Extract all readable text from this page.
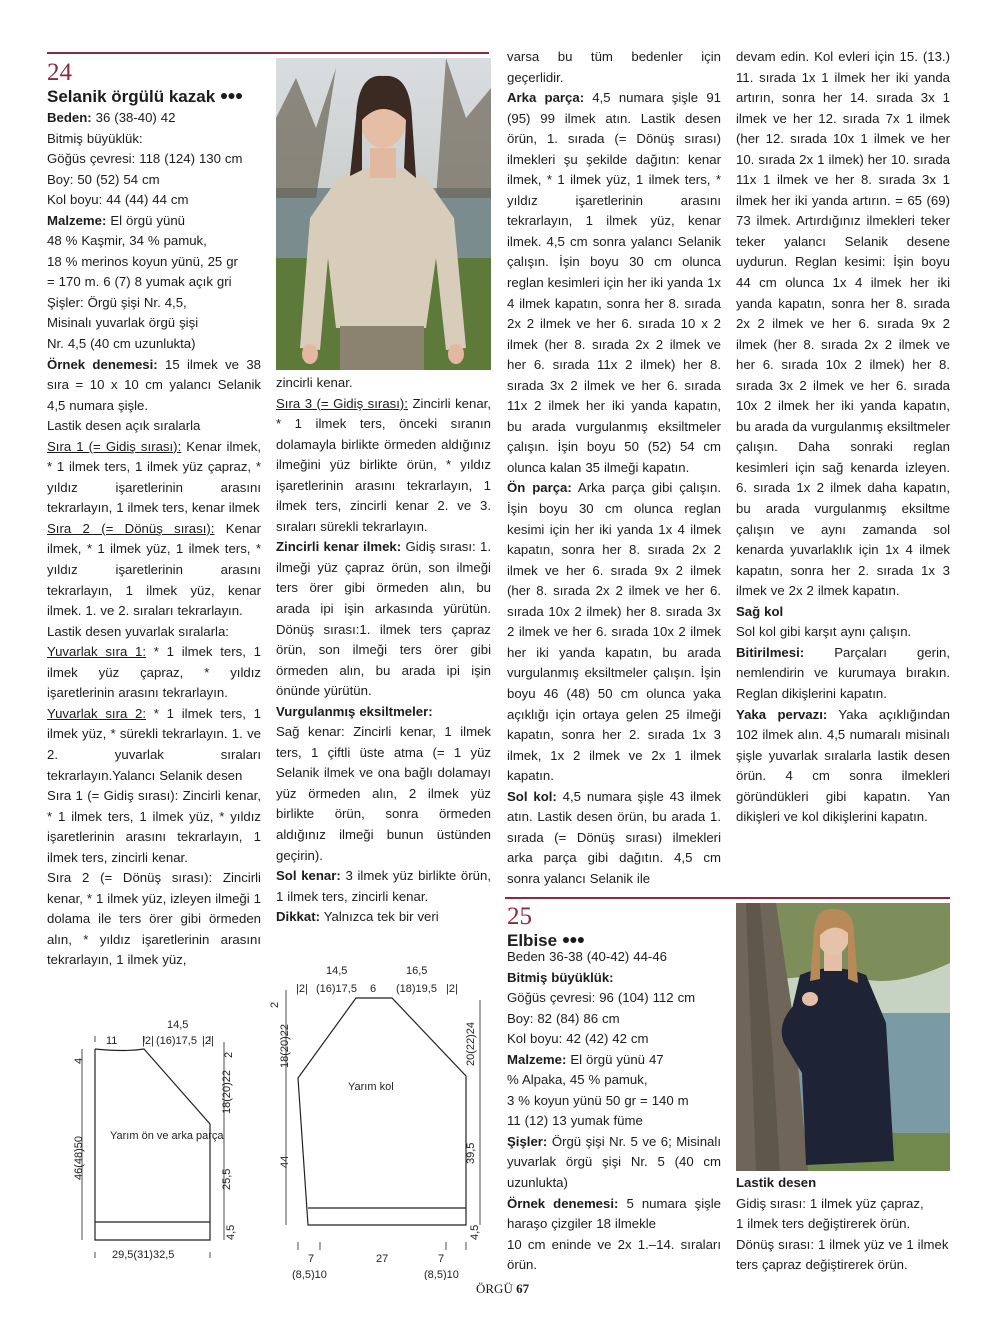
24
Selanik örgülü kazak ●●●

Beden: 36 (38-40) 42

Bitmiş büyüklük:

Göğüs çevresi: 118 (124) 130 cm

Boy: 50 (52) 54 cm

Kol boyu: 44 (44) 44 cm

Malzeme: El örgü yünü

48 % Kaşmir, 34 % pamuk,

18 % merinos koyun yünü, 25 gr

= 170 m. 6 (7) 8 yumak açık gri

Şişler: Örgü şişi Nr. 4,5,

Misinalı yuvarlak örgü şişi

Nr. 4,5 (40 cm uzunlukta)

Örnek denemesi: 15 ilmek ve 38 sıra = 10 x 10 cm yalancı Selanik 4,5 numara şişle.

Lastik desen açık sıralarla

Sıra 1 (= Gidiş sırası): Kenar ilmek, * 1 ilmek ters, 1 ilmek yüz çapraz, * yıldız işaretlerinin arasını tekrarlayın, 1 ilmek ters, kenar ilmek

Sıra 2 (= Dönüş sırası): Kenar ilmek, * 1 ilmek yüz, 1 ilmek ters, * yıldız işaretlerinin arasını tekrarlayın, 1 ilmek yüz, kenar ilmek. 1. ve 2. sıraları tekrarlayın.

Lastik desen yuvarlak sıralarla:

Yuvarlak sıra 1: * 1 ilmek ters, 1 ilmek yüz çapraz, * yıldız işaretlerinin arasını tekrarlayın.

Yuvarlak sıra 2: * 1 ilmek ters, 1 ilmek yüz, * sürekli tekrarlayın. 1. ve 2. yuvarlak sıraları tekrarlayın.Yalancı Selanik desen

Sıra 1 (= Gidiş sırası): Zincirli kenar, * 1 ilmek ters, 1 ilmek yüz, * yıldız işaretlerinin arasını tekrarlayın, 1 ilmek ters, zincirli kenar.

Sıra 2 (= Dönüş sırası): Zincirli kenar, * 1 ilmek yüz, izleyen ilmeği 1 dolama ile ters örer gibi örmeden alın, * yıldız işaretlerinin arasını tekrarlayın, 1 ilmek yüz,

zincirli kenar.

Sıra 3 (= Gidiş sırası): Zincirli kenar, * 1 ilmek ters, önceki sıranın dolamayla birlikte örmeden aldığınız ilmeğini yüz birlikte örün, * yıldız işaretlerinin arasını tekrarlayın, 1 ilmek ters, zincirli kenar 2. ve 3. sıraları sürekli tekrarlayın.

Zincirli kenar ilmek: Gidiş sırası: 1. ilmeği yüz çapraz örün, son ilmeği ters örer gibi örmeden alın, bu arada ipi işin arkasında yürütün. Dönüş sırası:1. ilmek ters çapraz örün, son ilmeği ters örer gibi örmeden alın, bu arada ipi işin önünde yürütün.

Vurgulanmış eksiltmeler:

Sağ kenar: Zincirli kenar, 1 ilmek ters, 1 çiftli üste atma (= 1 yüz Selanik ilmek ve ona bağlı dolamayı yüz örmeden alın, 2 ilmek yüz birlikte örün, sonra örmeden aldığınız ilmeği bunun üstünden geçirin).

Sol kenar: 3 ilmek yüz birlikte örün, 1 ilmek ters, zincirli kenar.

Dikkat: Yalnızca tek bir veri

varsa bu tüm bedenler için geçerlidir.

Arka parça: 4,5 numara şişle 91 (95) 99 ilmek atın. Lastik desen örün, 1. sırada (= Dönüş sırası) ilmekleri şu şekilde dağıtın: kenar ilmek, * 1 ilmek yüz, 1 ilmek ters, * yıldız işaretlerinin arasını tekrarlayın, 1 ilmek yüz, kenar ilmek. 4,5 cm sonra yalancı Selanik çalışın. İşin boyu 30 cm olunca reglan kesimleri için her iki yanda 1x 4 ilmek kapatın, sonra her 8. sırada 2x 2 ilmek ve her 6. sırada 10 x 2 ilmek (her 8. sırada 2x 2 ilmek ve her 6. sırada 11x 2 ilmek) her 8. sırada 3x 2 ilmek ve her 6. sırada 11x 2 ilmek her iki yanda kapatın, bu arada vurgulanmış eksiltmeler çalışın. İşin boyu 50 (52) 54 cm olunca kalan 35 ilmeği kapatın.

Ön parça: Arka parça gibi çalışın. İşin boyu 30 cm olunca reglan kesimi için her iki yanda 1x 4 ilmek kapatın, sonra her 8. sırada 2x 2 ilmek ve her 6. sırada 9x 2 ilmek (her 8. sırada 2x 2 ilmek ve her 6. sırada 10x 2 ilmek) her 8. sırada 3x 2 ilmek ve her 6. sırada 10x 2 ilmek her iki yanda kapatın, bu arada vurgulanmış eksiltmeler çalışın. İşin boyu 46 (48) 50 cm olunca yaka açıklığı için ortaya gelen 25 ilmeği kapatın, sonra her 2. sırada 1x 3 ilmek, 1x 2 ilmek ve 2x 1 ilmek kapatın.

Sol kol: 4,5 numara şişle 43 ilmek atın. Lastik desen örün, bu arada 1. sırada (= Dönüş sırası) ilmekleri arka parça gibi dağıtın. 4,5 cm sonra yalancı Selanik ile

devam edin. Kol evleri için 15. (13.) 11. sırada 1x 1 ilmek her iki yanda artırın, sonra her 14. sırada 3x 1 ilmek ve her 12. sırada 7x 1 ilmek (her 12. sırada 10x 1 ilmek ve her 10. sırada 2x 1 ilmek) her 10. sırada 11x 1 ilmek ve her 8. sırada 3x 1 ilmek her iki yanda artırın. = 65 (69) 73 ilmek. Artırdığınız ilmekleri teker teker yalancı Selanik desene uydurun. Reglan kesimi: İşin boyu 44 cm olunca 1x 4 ilmek her iki yanda kapatın, sonra her 8. sırada 2x 2 ilmek ve her 6. sırada 9x 2 ilmek (her 8. sırada 2x 2 ilmek ve her 6. sırada 10x 2 ilmek) her 8. sırada 3x 2 ilmek ve her 6. sırada 10x 2 ilmek her iki yanda kapatın, bu arada da vurgulanmış eksiltmeler çalışın. Daha sonraki reglan kesimleri için sağ kenarda izleyen. 6. sırada 1x 2 ilmek daha kapatın, bu arada vurgulanmış eksiltme çalışın ve aynı zamanda sol kenarda yuvarlaklık için 1x 4 ilmek kapatın, sonra her 2. sırada 1x 3 ilmek ve 2x 2 ilmek kapatın.

Sağ kol

Sol kol gibi karşıt aynı çalışın.

Bitirilmesi: Parçaları gerin, nemlendirin ve kurumaya bırakın. Reglan dikişlerini kapatın.

Yaka pervazı: Yaka açıklığından 102 ilmek alın. 4,5 numaralı misinalı şişle yuvarlak sıralarla lastik desen örün. 4 cm sonra ilmekleri göründükleri gibi kapatın. Yan dikişleri ve kol dikişlerini kapatın.

14,5
11 |2| (16)17,5 |2|
4
46(48)50
2
18(20)22
25,5
4,5
Yarım ön ve arka parça
29,5(31)32,5
14,5	16,5
|2| (16)17,5 6 (18)19,5 |2|
2
18(20)22
44
20(22)24
39,5
4,5
Yarım kol
7	27	7
(8,5)10	(8,5)10
25
Elbise ●●●

Beden 36-38 (40-42) 44-46

Bitmiş büyüklük:

Göğüs çevresi: 96 (104) 112 cm

Boy: 82 (84) 86 cm

Kol boyu: 42 (42) 42 cm

Malzeme: El örgü yünü 47

% Alpaka, 45 % pamuk,

3 % koyun yünü 50 gr = 140 m

11 (12) 13 yumak füme

Şişler: Örgü şişi Nr. 5 ve 6; Misinalı yuvarlak örgü şişi Nr. 5 (40 cm uzunlukta)

Örnek denemesi: 5 numara şişle haraşo çizgiler 18 ilmekle

10 cm eninde ve 2x 1.–14. sıraları örün.

Lastik desen

Gidiş sırası: 1 ilmek yüz çapraz,

1 ilmek ters değiştirerek örün.

Dönüş sırası: 1 ilmek yüz ve 1 ilmek ters çapraz değiştirerek örün.

ÖRGÜ 67
